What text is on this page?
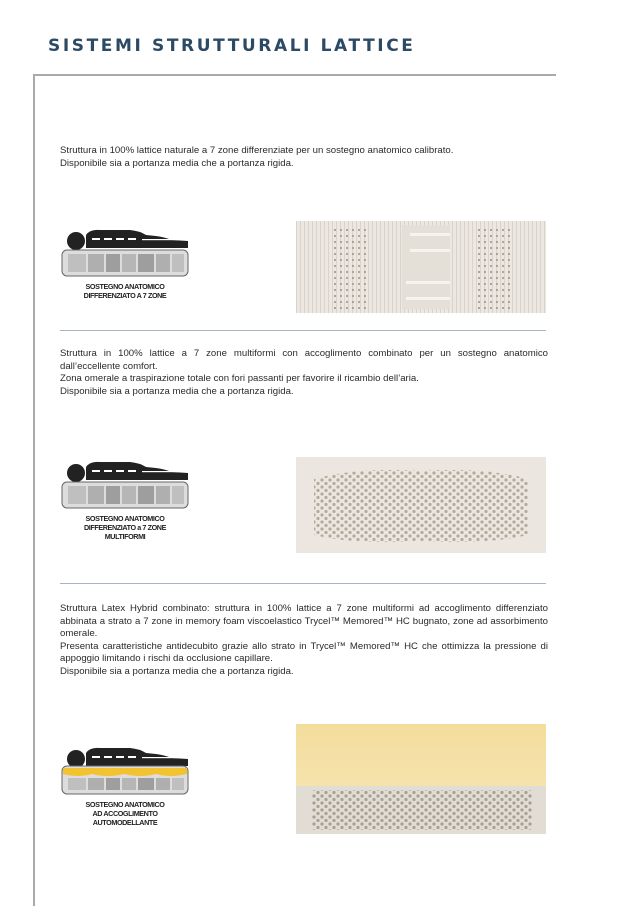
SISTEMI STRUTTURALI LATTICE

Struttura in 100% lattice naturale a 7 zone differenziate per un sostegno anatomico calibrato.

Disponibile sia a portanza media che a portanza rigida.

SOSTEGNO ANATOMICO
DIFFERENZIATO A 7 ZONE

Struttura in 100% lattice a 7 zone multiformi con accoglimento combinato per un sostegno anatomico dall’eccellente comfort.

Zona omerale a traspirazione totale con fori passanti per favorire il ricambio dell’aria.

Disponibile sia a portanza media che a portanza rigida.

SOSTEGNO ANATOMICO
DIFFERENZIATO a 7 ZONE
MULTIFORMI

Struttura Latex Hybrid combinato: struttura in 100% lattice a 7 zone multiformi ad accoglimento differenziato abbinata a strato a 7 zone in memory foam viscoelastico Trycel™ Memored™ HC bugnato, zone ad assorbimento omerale.

Presenta caratteristiche antidecubito grazie allo strato in Trycel™ Memored™ HC che ottimizza la pressione di appoggio limitando i rischi da occlusione capillare.

Disponibile sia a portanza media che a portanza rigida.

SOSTEGNO ANATOMICO
AD ACCOGLIMENTO
AUTOMODELLANTE
